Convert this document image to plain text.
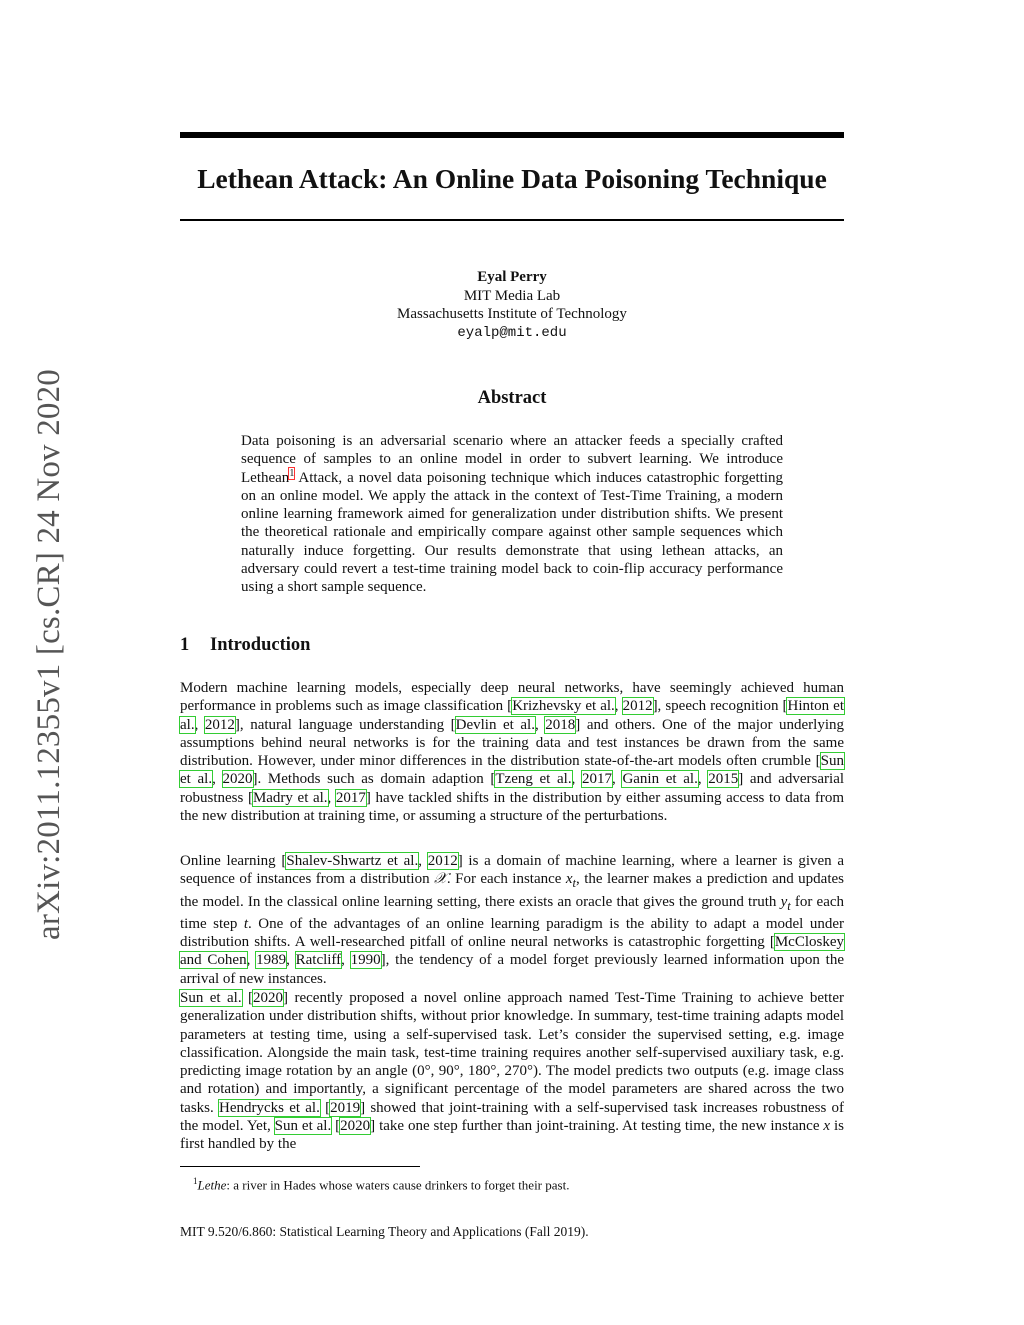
arXiv:2011.12355v1 [cs.CR] 24 Nov 2020
Lethean Attack: An Online Data Poisoning Technique
Eyal Perry
MIT Media Lab
Massachusetts Institute of Technology
eyalp@mit.edu
Abstract
Data poisoning is an adversarial scenario where an attacker feeds a specially crafted sequence of samples to an online model in order to subvert learning. We introduce Lethean$^1$ Attack, a novel data poisoning technique which induces catastrophic forgetting on an online model. We apply the attack in the context of Test-Time Training, a modern online learning framework aimed for generalization under distribution shifts. We present the theoretical rationale and empirically compare against other sample sequences which naturally induce forgetting. Our results demonstrate that using lethean attacks, an adversary could revert a test-time training model back to coin-flip accuracy performance using a short sample sequence.
1 Introduction

Modern machine learning models, especially deep neural networks, have seemingly achieved human performance in problems such as image classification [Krizhevsky et al., 2012], speech recognition [Hinton et al., 2012], natural language understanding [Devlin et al., 2018] and others. One of the major underlying assumptions behind neural networks is for the training data and test instances be drawn from the same distribution. However, under minor differences in the distribution state-of-the-art models often crumble [Sun et al., 2020]. Methods such as domain adaption [Tzeng et al., 2017, Ganin et al., 2015] and adversarial robustness [Madry et al., 2017] have tackled shifts in the distribution by either assuming access to data from the new distribution at training time, or assuming a structure of the perturbations.

Online learning [Shalev-Shwartz et al., 2012] is a domain of machine learning, where a learner is given a sequence of instances from a distribution 𝒳. For each instance $x_t$, the learner makes a prediction and updates the model. In the classical online learning setting, there exists an oracle that gives the ground truth $y_t$ for each time step t. One of the advantages of an online learning paradigm is the ability to adapt a model under distribution shifts. A well-researched pitfall of online neural networks is catastrophic forgetting [McCloskey and Cohen, 1989, Ratcliff, 1990], the tendency of a model forget previously learned information upon the arrival of new instances.

Sun et al. [2020] recently proposed a novel online approach named Test-Time Training to achieve better generalization under distribution shifts, without prior knowledge. In summary, test-time training adapts model parameters at testing time, using a self-supervised task. Let’s consider the supervised setting, e.g. image classification. Alongside the main task, test-time training requires another self-supervised auxiliary task, e.g. predicting image rotation by an angle (0°, 90°, 180°, 270°). The model predicts two outputs (e.g. image class and rotation) and importantly, a significant percentage of the model parameters are shared across the two tasks. Hendrycks et al. [2019] showed that joint-training with a self-supervised task increases robustness of the model. Yet, Sun et al. [2020] take one step further than joint-training. At testing time, the new instance x is first handled by the

$^1$Lethe: a river in Hades whose waters cause drinkers to forget their past.
MIT 9.520/6.860: Statistical Learning Theory and Applications (Fall 2019).
